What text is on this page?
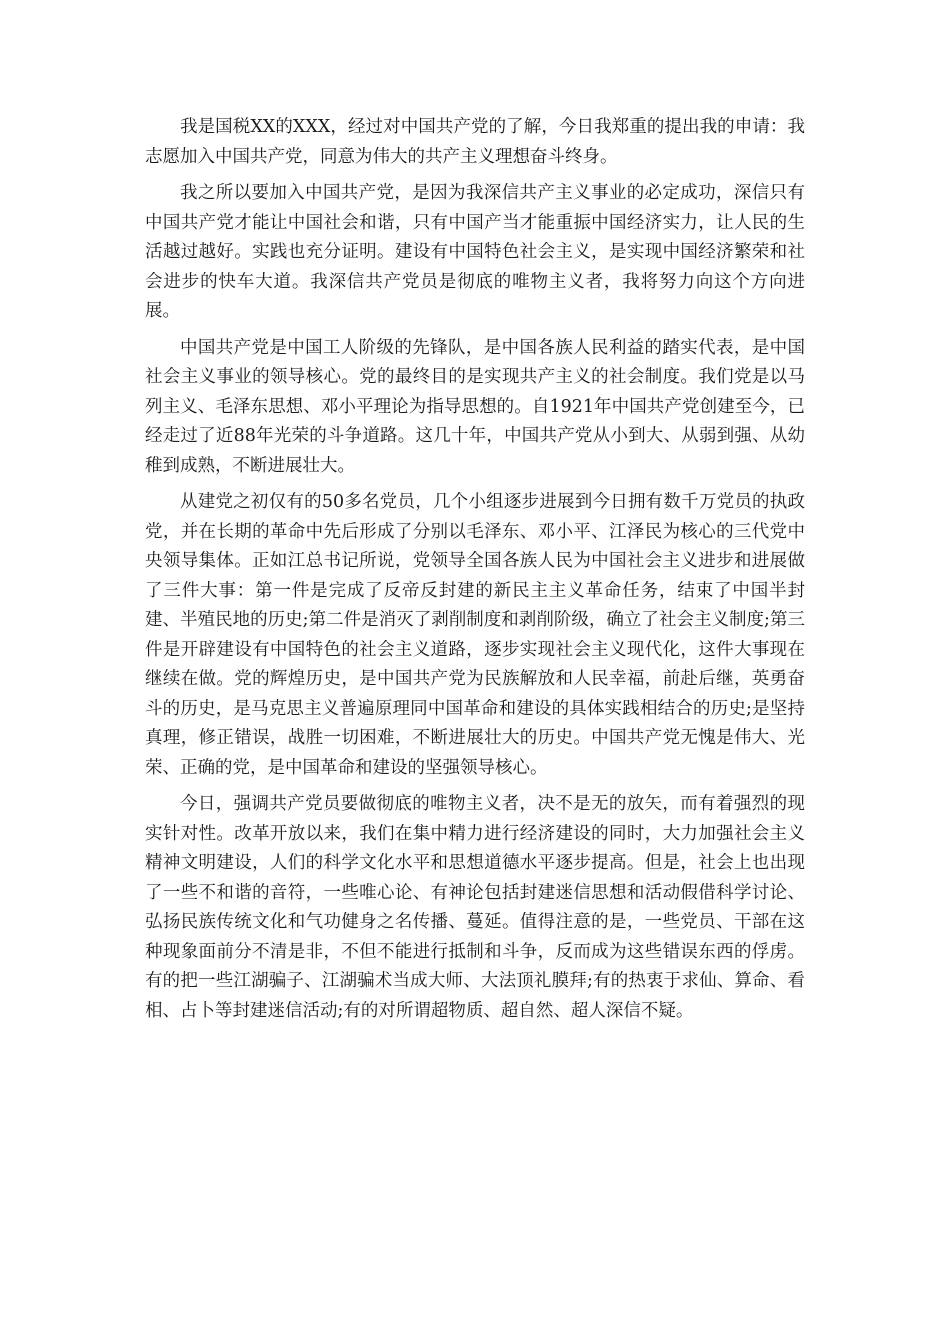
我是国税XX的XXX，经过对中国共产党的了解，今日我郑重的提出我的申请：我志愿加入中国共产党，同意为伟大的共产主义理想奋斗终身。

我之所以要加入中国共产党，是因为我深信共产主义事业的必定成功，深信只有中国共产党才能让中国社会和谐，只有中国产当才能重振中国经济实力，让人民的生活越过越好。实践也充分证明。建设有中国特色社会主义，是实现中国经济繁荣和社会进步的快车大道。我深信共产党员是彻底的唯物主义者，我将努力向这个方向进展。

中国共产党是中国工人阶级的先锋队，是中国各族人民利益的踏实代表，是中国社会主义事业的领导核心。党的最终目的是实现共产主义的社会制度。我们党是以马列主义、毛泽东思想、邓小平理论为指导思想的。自1921年中国共产党创建至今，已经走过了近88年光荣的斗争道路。这几十年，中国共产党从小到大、从弱到强、从幼稚到成熟，不断进展壮大。

从建党之初仅有的50多名党员，几个小组逐步进展到今日拥有数千万党员的执政党，并在长期的革命中先后形成了分别以毛泽东、邓小平、江泽民为核心的三代党中央领导集体。正如江总书记所说，党领导全国各族人民为中国社会主义进步和进展做了三件大事：第一件是完成了反帝反封建的新民主主义革命任务，结束了中国半封建、半殖民地的历史;第二件是消灭了剥削制度和剥削阶级，确立了社会主义制度;第三件是开辟建设有中国特色的社会主义道路，逐步实现社会主义现代化，这件大事现在继续在做。党的辉煌历史，是中国共产党为民族解放和人民幸福，前赴后继，英勇奋斗的历史，是马克思主义普遍原理同中国革命和建设的具体实践相结合的历史;是坚持真理，修正错误，战胜一切困难，不断进展壮大的历史。中国共产党无愧是伟大、光荣、正确的党，是中国革命和建设的坚强领导核心。

今日，强调共产党员要做彻底的唯物主义者，决不是无的放矢，而有着强烈的现实针对性。改革开放以来，我们在集中精力进行经济建设的同时，大力加强社会主义精神文明建设，人们的科学文化水平和思想道德水平逐步提高。但是，社会上也出现了一些不和谐的音符，一些唯心论、有神论包括封建迷信思想和活动假借科学讨论、弘扬民族传统文化和气功健身之名传播、蔓延。值得注意的是，一些党员、干部在这种现象面前分不清是非，不但不能进行抵制和斗争，反而成为这些错误东西的俘虏。有的把一些江湖骗子、江湖骗术当成大师、大法顶礼膜拜;有的热衷于求仙、算命、看相、占卜等封建迷信活动;有的对所谓超物质、超自然、超人深信不疑。
